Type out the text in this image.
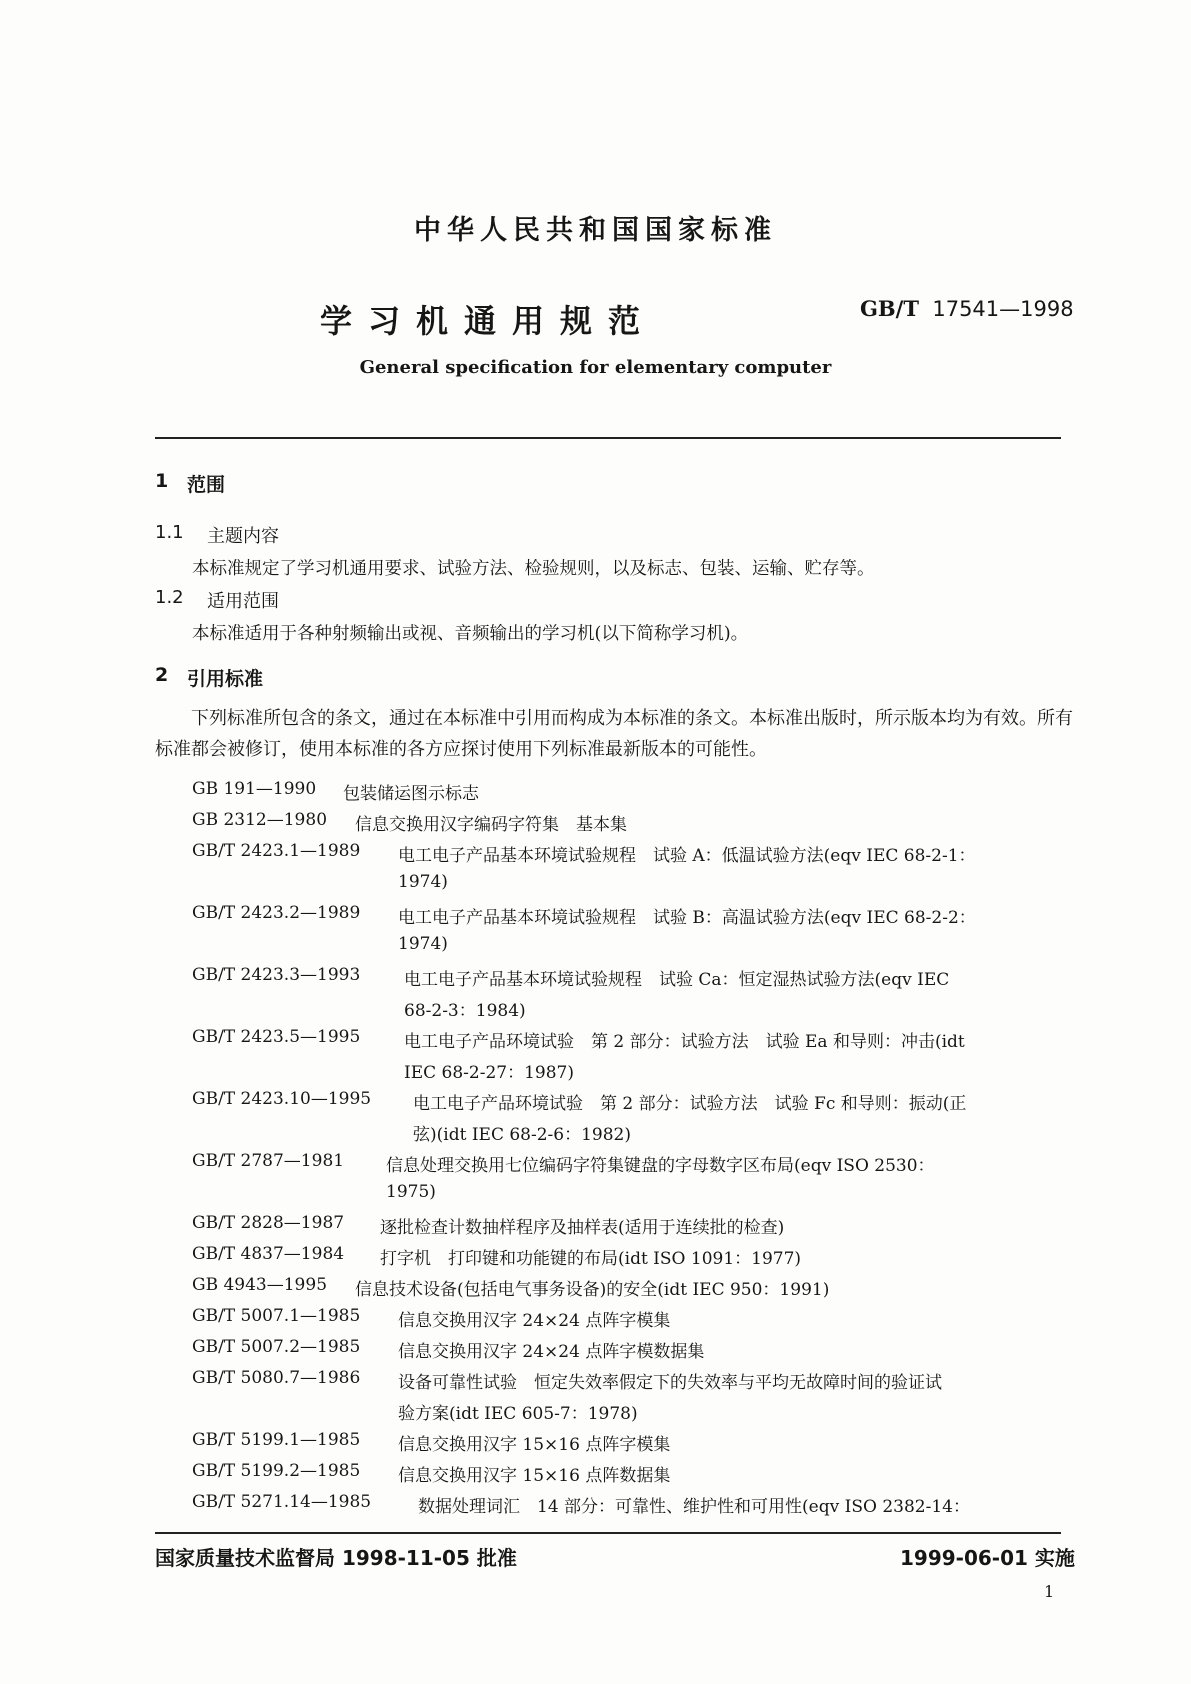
中华人民共和国国家标准
学习机通用规范	GB/T 17541—1998
General specification for elementary computer
1 范围
1.1 主题内容
本标准规定了学习机通用要求、试验方法、检验规则，以及标志、包装、运输、贮存等。
1.2 适用范围
本标准适用于各种射频输出或视、音频输出的学习机(以下简称学习机)。
2 引用标准
下列标准所包含的条文，通过在本标准中引用而构成为本标准的条文。本标准出版时，所示版本均为有效。所有标准都会被修订，使用本标准的各方应探讨使用下列标准最新版本的可能性。
GB 191—1990 包装储运图示标志
GB 2312—1980 信息交换用汉字编码字符集　基本集
GB/T 2423.1—1989 电工电子产品基本环境试验规程　试验 A：低温试验方法(eqv IEC 68-2-1：
1974)
GB/T 2423.2—1989 电工电子产品基本环境试验规程　试验 B：高温试验方法(eqv IEC 68-2-2：
1974)
GB/T 2423.3—1993	电工电子产品基本环境试验规程　试验 Ca：恒定湿热试验方法(eqv IEC
68-2-3：1984)
GB/T 2423.5—1995	电工电子产品环境试验　第 2 部分：试验方法　试验 Ea 和导则：冲击(idt
IEC 68-2-27：1987)
GB/T 2423.10—1995 电工电子产品环境试验　第 2 部分：试验方法　试验 Fc 和导则：振动(正
弦)(idt IEC 68-2-6：1982)
GB/T 2787—1981 信息处理交换用七位编码字符集键盘的字母数字区布局(eqv ISO 2530：
1975)
GB/T 2828—1987 逐批检查计数抽样程序及抽样表(适用于连续批的检查)
GB/T 4837—1984 打字机　打印键和功能键的布局(idt ISO 1091：1977)
GB 4943—1995 信息技术设备(包括电气事务设备)的安全(idt IEC 950：1991)
GB/T 5007.1—1985 信息交换用汉字 24×24 点阵字模集
GB/T 5007.2—1985 信息交换用汉字 24×24 点阵字模数据集
GB/T 5080.7—1986 设备可靠性试验　恒定失效率假定下的失效率与平均无故障时间的验证试
验方案(idt IEC 605-7：1978)
GB/T 5199.1—1985 信息交换用汉字 15×16 点阵字模集
GB/T 5199.2—1985 信息交换用汉字 15×16 点阵数据集
GB/T 5271.14—1985	数据处理词汇　14 部分：可靠性、维护性和可用性(eqv ISO 2382-14：
国家质量技术监督局 1998-11-05 批准	1999-06-01 实施
1
